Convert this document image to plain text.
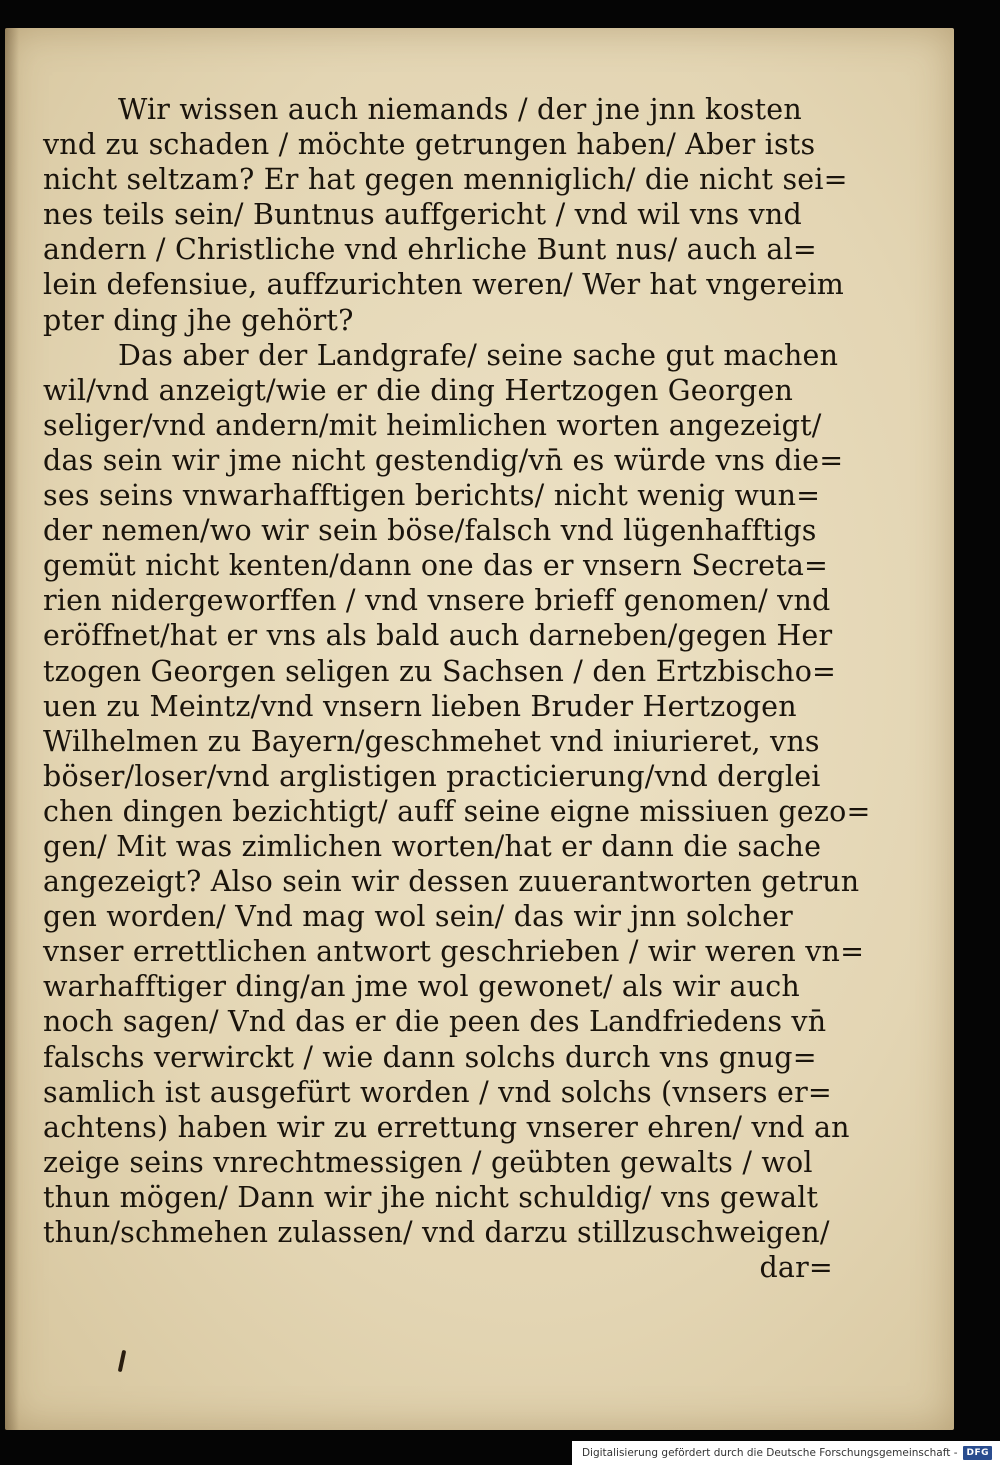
Wir wissen auch niemands / der jne jnn kosten
vnd zu schaden / möchte getrungen haben/ Aber ists
nicht seltzam? Er hat gegen menniglich/ die nicht sei=
nes teils sein/ Buntnus auffgericht / vnd wil vns vnd
andern / Christliche vnd ehrliche Bunt nus/ auch al=
lein defensiue, auffzurichten weren/ Wer hat vngereim
pter ding jhe gehört?
Das aber der Landgrafe/ seine sache gut machen
wil/vnd anzeigt/wie er die ding Hertzogen Georgen
seliger/vnd andern/mit heimlichen worten angezeigt/
das sein wir jme nicht gestendig/vn̄ es würde vns die=
ses seins vnwarhafftigen berichts/ nicht wenig wun=
der nemen/wo wir sein böse/falsch vnd lügenhafftigs
gemüt nicht kenten/dann one das er vnsern Secreta=
rien nidergeworffen / vnd vnsere brieff genomen/ vnd
eröffnet/hat er vns als bald auch darneben/gegen Her
tzogen Georgen seligen zu Sachsen / den Ertzbischo=
uen zu Meintz/vnd vnsern lieben Bruder Hertzogen
Wilhelmen zu Bayern/geschmehet vnd iniurieret, vns
böser/loser/vnd arglistigen practicierung/vnd derglei
chen dingen bezichtigt/ auff seine eigne missiuen gezo=
gen/ Mit was zimlichen worten/hat er dann die sache
angezeigt? Also sein wir dessen zuuerantworten getrun
gen worden/ Vnd mag wol sein/ das wir jnn solcher
vnser errettlichen antwort geschrieben / wir weren vn=
warhafftiger ding/an jme wol gewonet/ als wir auch
noch sagen/ Vnd das er die peen des Landfriedens vn̄
falschs verwirckt / wie dann solchs durch vns gnug=
samlich ist ausgefürt worden / vnd solchs (vnsers er=
achtens) haben wir zu errettung vnserer ehren/ vnd an
zeige seins vnrechtmessigen / geübten gewalts / wol
thun mögen/ Dann wir jhe nicht schuldig/ vns gewalt
thun/schmehen zulassen/ vnd darzu stillzuschweigen/
dar=
Digitalisierung gefördert durch die Deutsche Forschungsgemeinschaft -	DFG
